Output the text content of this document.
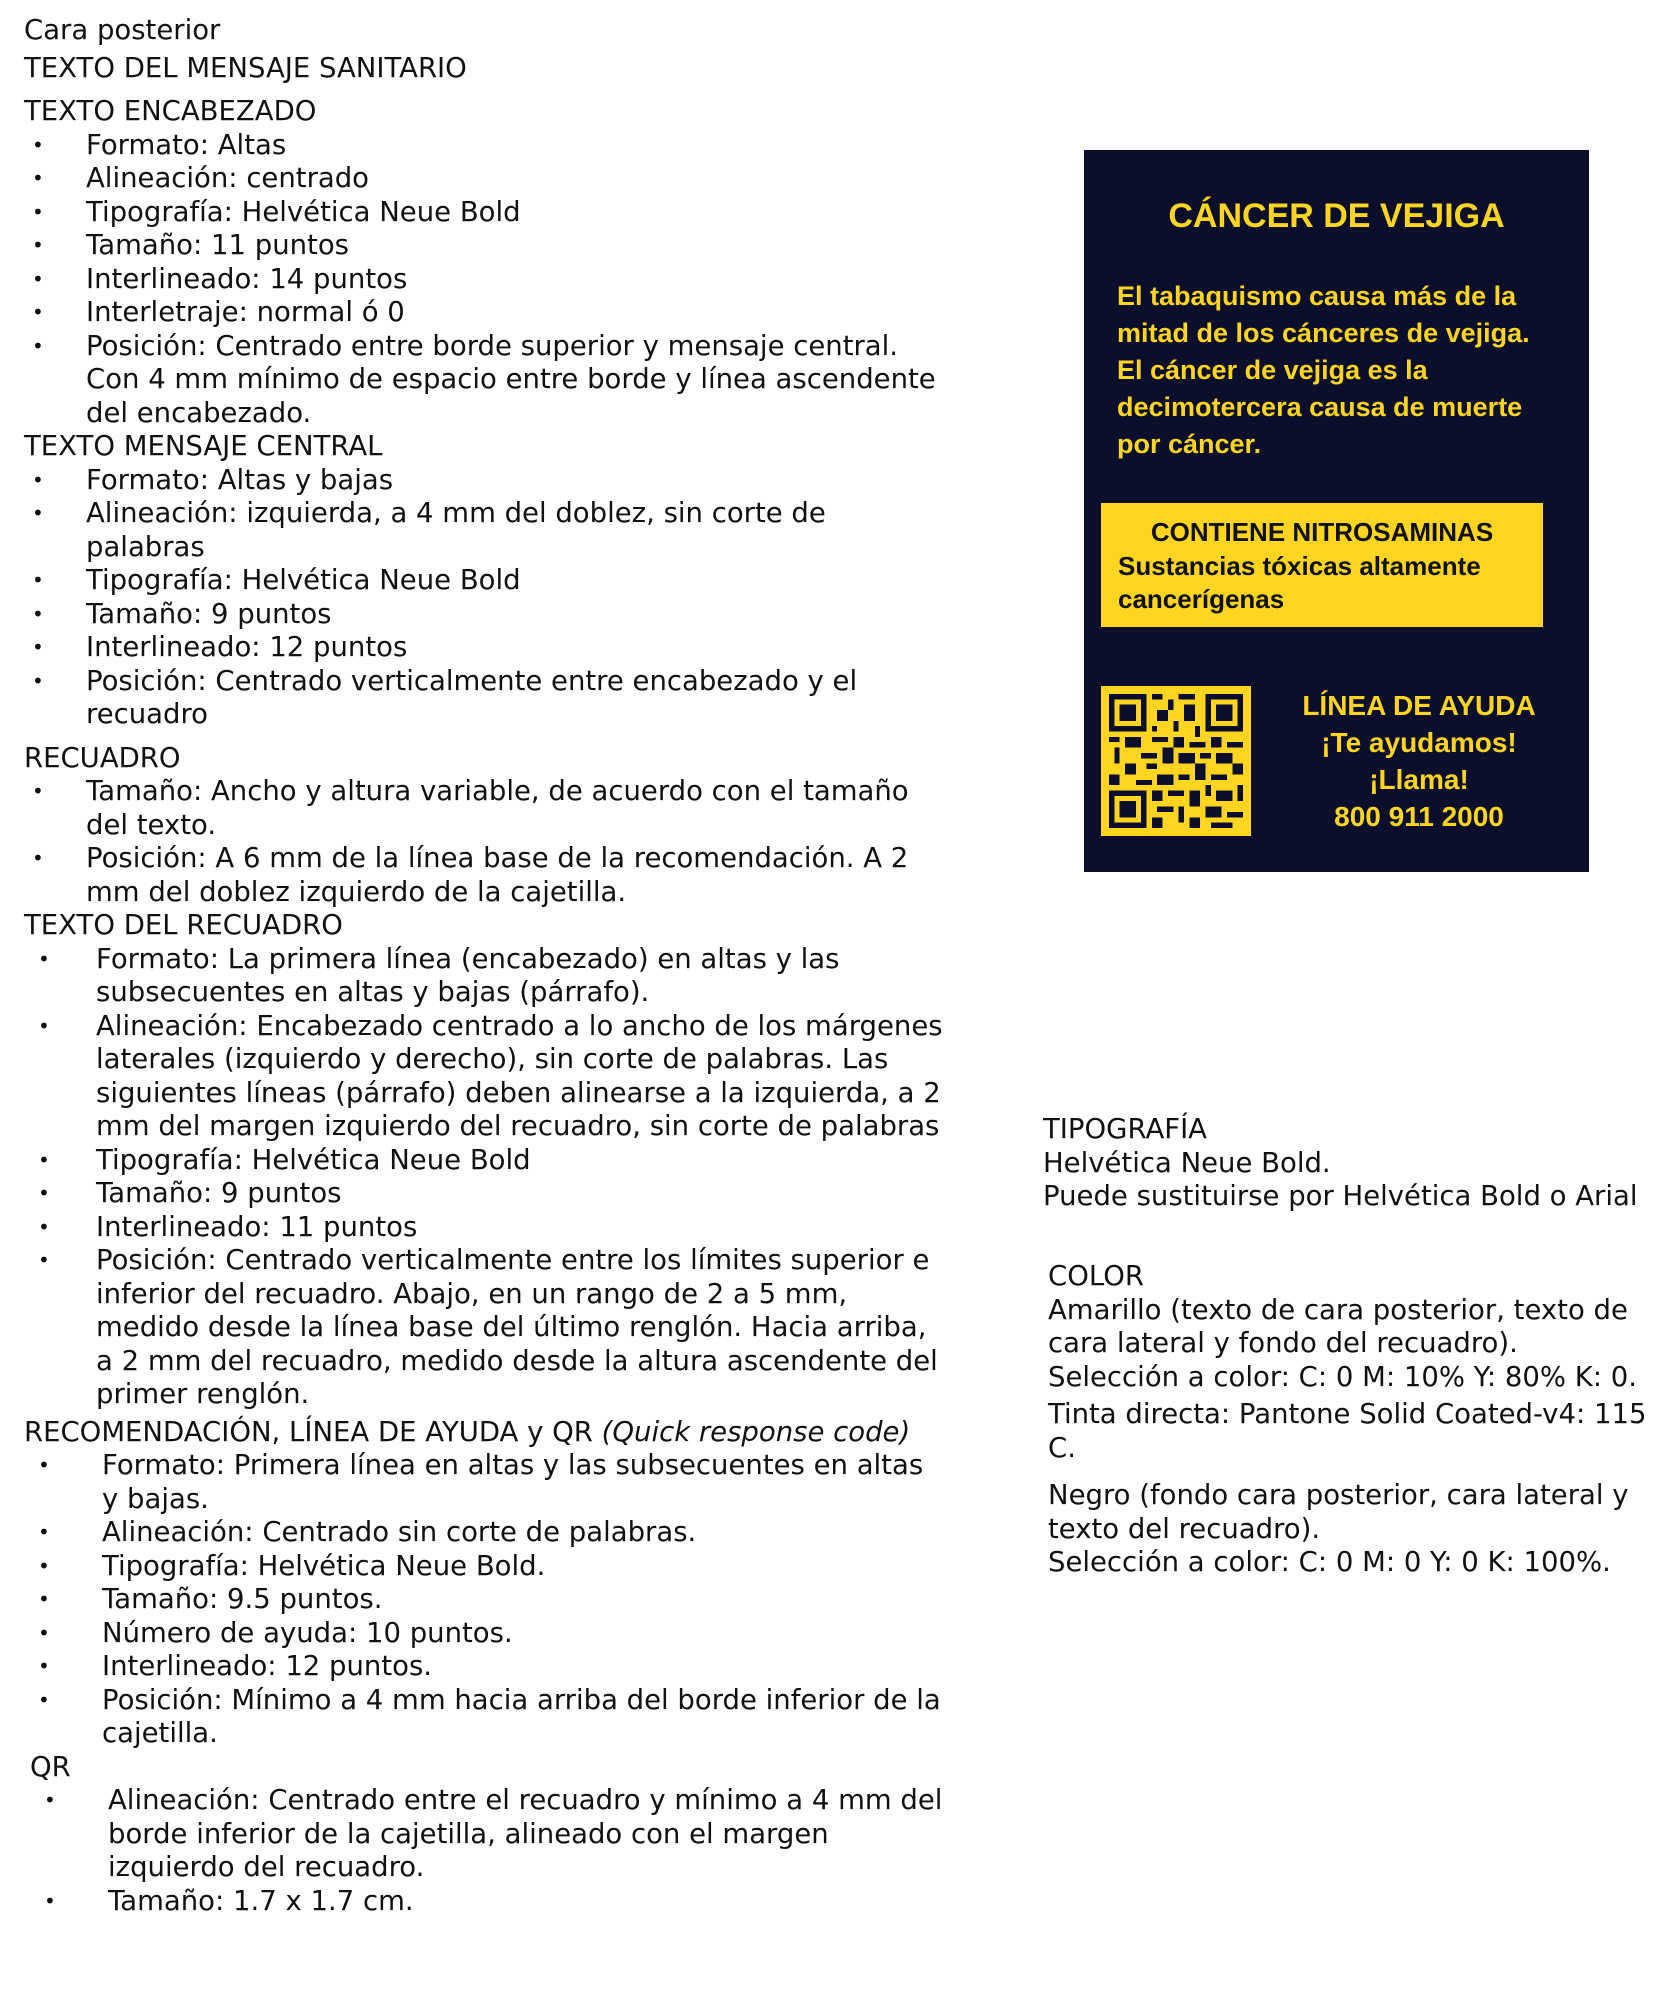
Cara posterior

TEXTO DEL MENSAJE SANITARIO

TEXTO ENCABEZADO

• Formato: Altas
• Alineación: centrado
• Tipografía: Helvética Neue Bold
• Tamaño: 11 puntos
• Interlineado: 14 puntos
• Interletraje: normal ó 0
• Posición: Centrado entre borde superior y mensaje central. Con 4 mm mínimo de espacio entre borde y línea ascendente del encabezado.

TEXTO MENSAJE CENTRAL

• Formato: Altas y bajas
• Alineación: izquierda, a 4 mm del doblez, sin corte de palabras
• Tipografía: Helvética Neue Bold
• Tamaño: 9 puntos
• Interlineado: 12 puntos
• Posición: Centrado verticalmente entre encabezado y el recuadro

RECUADRO

• Tamaño: Ancho y altura variable, de acuerdo con el tamaño del texto.
• Posición: A 6 mm de la línea base de la recomendación. A 2 mm del doblez izquierdo de la cajetilla.

TEXTO DEL RECUADRO

• Formato: La primera línea (encabezado) en altas y las subsecuentes en altas y bajas (párrafo).
• Alineación: Encabezado centrado a lo ancho de los márgenes laterales (izquierdo y derecho), sin corte de palabras. Las siguientes líneas (párrafo) deben alinearse a la izquierda, a 2 mm del margen izquierdo del recuadro, sin corte de palabras
• Tipografía: Helvética Neue Bold
• Tamaño: 9 puntos
• Interlineado: 11 puntos
• Posición: Centrado verticalmente entre los límites superior e inferior del recuadro. Abajo, en un rango de 2 a 5 mm, medido desde la línea base del último renglón. Hacia arriba, a 2 mm del recuadro, medido desde la altura ascendente del primer renglón.

RECOMENDACIÓN, LÍNEA DE AYUDA y QR (Quick response code)

• Formato: Primera línea en altas y las subsecuentes en altas y bajas.
• Alineación: Centrado sin corte de palabras.
• Tipografía: Helvética Neue Bold.
• Tamaño: 9.5 puntos.
• Número de ayuda: 10 puntos.
• Interlineado: 12 puntos.
• Posición: Mínimo a 4 mm hacia arriba del borde inferior de la cajetilla.

QR

• Alineación: Centrado entre el recuadro y mínimo a 4 mm del borde inferior de la cajetilla, alineado con el margen izquierdo del recuadro.
• Tamaño: 1.7 x 1.7 cm.
CÁNCER DE VEJIGA
El tabaquismo causa más de la mitad de los cánceres de vejiga. El cáncer de vejiga es la decimotercera causa de muerte por cáncer.
CONTIENE NITROSAMINAS
Sustancias tóxicas altamente cancerígenas
LÍNEA DE AYUDA
¡Te ayudamos!
¡Llama!
800 911 2000

TIPOGRAFÍA

Helvética Neue Bold.

Puede sustituirse por Helvética Bold o Arial

COLOR

Amarillo (texto de cara posterior, texto de cara lateral y fondo del recuadro).

Selección a color: C: 0 M: 10% Y: 80% K: 0.

Tinta directa: Pantone Solid Coated-v4: 115 C.

Negro (fondo cara posterior, cara lateral y texto del recuadro).

Selección a color: C: 0 M: 0 Y: 0 K: 100%.
